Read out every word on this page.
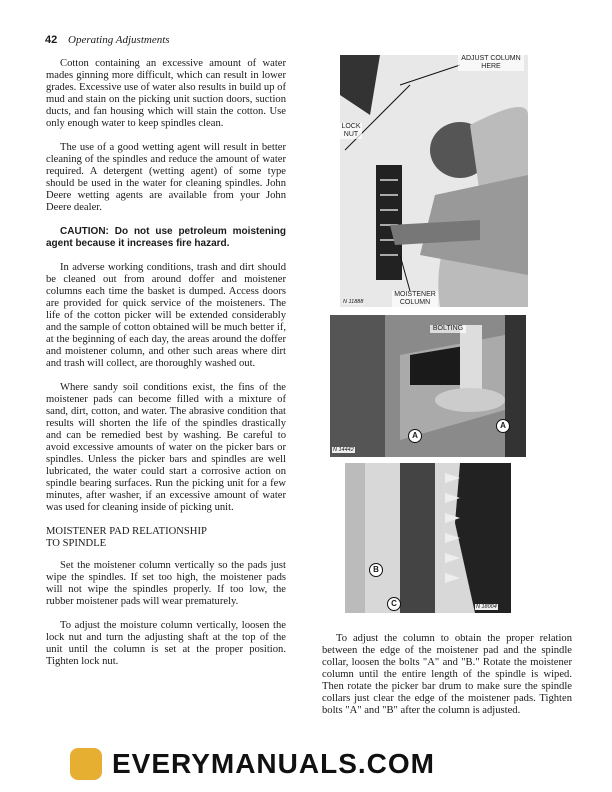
42 Operating Adjustments

Cotton containing an excessive amount of water mades ginning more difficult, which can result in lower grades. Excessive use of water also results in build up of mud and stain on the picking unit suction doors, suction ducts, and fan housing which will stain the cotton. Use only enough water to keep spindles clean.

The use of a good wetting agent will result in better cleaning of the spindles and reduce the amount of water required. A detergent (wetting agent) of some type should be used in the water for cleaning spindles. John Deere wetting agents are available from your John Deere dealer.

CAUTION: Do not use petroleum moistening agent because it increases fire hazard.

In adverse working conditions, trash and dirt should be cleaned out from around doffer and moistener columns each time the basket is dumped. Access doors are provided for quick service of the moisteners. The life of the cotton picker will be extended considerably and the sample of cotton obtained will be much better if, at the beginning of each day, the areas around the doffer and moistener column, and other such areas where dirt and trash will collect, are thoroughly washed out.

Where sandy soil conditions exist, the fins of the moistener pads can become filled with a mixture of sand, dirt, cotton, and water. The abrasive condition that results will shorten the life of the spindles drastically and can be remedied best by washing. Be careful to avoid excessive amounts of water on the picker bars or spindles. Unless the picker bars and spindles are well lubricated, the water could start a corrosive action on spindle bearing surfaces. Run the picking unit for a few minutes, after washer, if an excessive amount of water was used for cleaning inside of picking unit.

MOISTENER PAD RELATIONSHIP
TO SPINDLE

Set the moistener column vertically so the pads just wipe the spindles. If set too high, the moistener pads will not wipe the spindles properly. If too low, the rubber moistener pads will wear prematurely.

To adjust the moisture column vertically, loosen the lock nut and turn the adjusting shaft at the top of the unit until the column is set at the proper position. Tighten lock nut.

ADJUST COLUMN HERE
LOCK NUT
MOISTENER COLUMN
N 11888
BOLTING
A
A
N 14442
B
C	N 18004

To adjust the column to obtain the proper relation between the edge of the moistener pad and the spindle collar, loosen the bolts "A" and "B." Rotate the moistener column until the entire length of the spindle is wiped. Then rotate the picker bar drum to make sure the spindle collars just clear the edge of the moistener pads. Tighten bolts "A" and "B" after the column is adjusted.

EVERYMANUALS.COM
